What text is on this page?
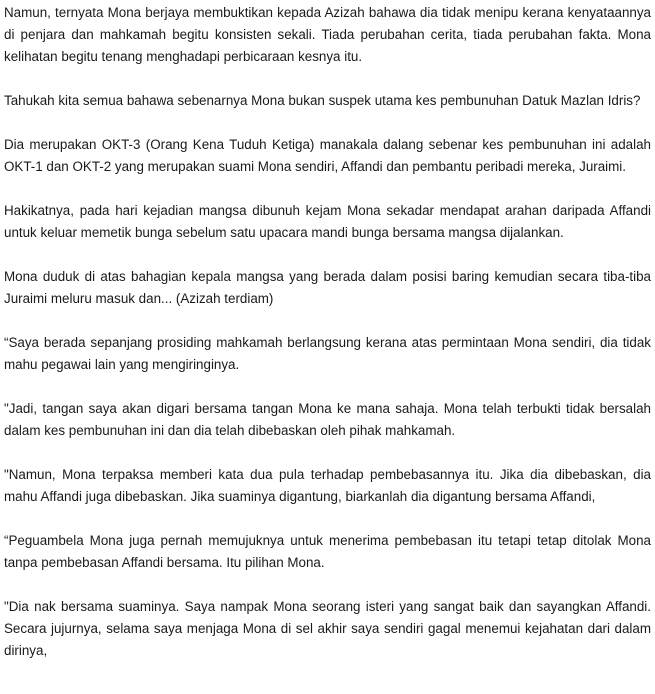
Namun, ternyata Mona berjaya membuktikan kepada Azizah bahawa dia tidak menipu kerana kenyataannya di penjara dan mahkamah begitu konsisten sekali. Tiada perubahan cerita, tiada perubahan fakta. Mona kelihatan begitu tenang menghadapi perbicaraan kesnya itu.

Tahukah kita semua bahawa sebenarnya Mona bukan suspek utama kes pembunuhan Datuk Mazlan Idris?

Dia merupakan OKT-3 (Orang Kena Tuduh Ketiga) manakala dalang sebenar kes pembunuhan ini adalah OKT-1 dan OKT-2 yang merupakan suami Mona sendiri, Affandi dan pembantu peribadi mereka, Juraimi.

Hakikatnya, pada hari kejadian mangsa dibunuh kejam Mona sekadar mendapat arahan daripada Affandi untuk keluar memetik bunga sebelum satu upacara mandi bunga bersama mangsa dijalankan.

Mona duduk di atas bahagian kepala mangsa yang berada dalam posisi baring kemudian secara tiba-tiba Juraimi meluru masuk dan... (Azizah terdiam)

“Saya berada sepanjang prosiding mahkamah berlangsung kerana atas permintaan Mona sendiri, dia tidak mahu pegawai lain yang mengiringinya.

"Jadi, tangan saya akan digari bersama tangan Mona ke mana sahaja. Mona telah terbukti tidak bersalah dalam kes pembunuhan ini dan dia telah dibebaskan oleh pihak mahkamah.

"Namun, Mona terpaksa memberi kata dua pula terhadap pembebasannya itu. Jika dia dibebaskan, dia mahu Affandi juga dibebaskan. Jika suaminya digantung, biarkanlah dia digantung bersama Affandi,

“Peguambela Mona juga pernah memujuknya untuk menerima pembebasan itu tetapi tetap ditolak Mona tanpa pembebasan Affandi bersama. Itu pilihan Mona.

"Dia nak bersama suaminya. Saya nampak Mona seorang isteri yang sangat baik dan sayangkan Affandi. Secara jujurnya, selama saya menjaga Mona di sel akhir saya sendiri gagal menemui kejahatan dari dalam dirinya,
